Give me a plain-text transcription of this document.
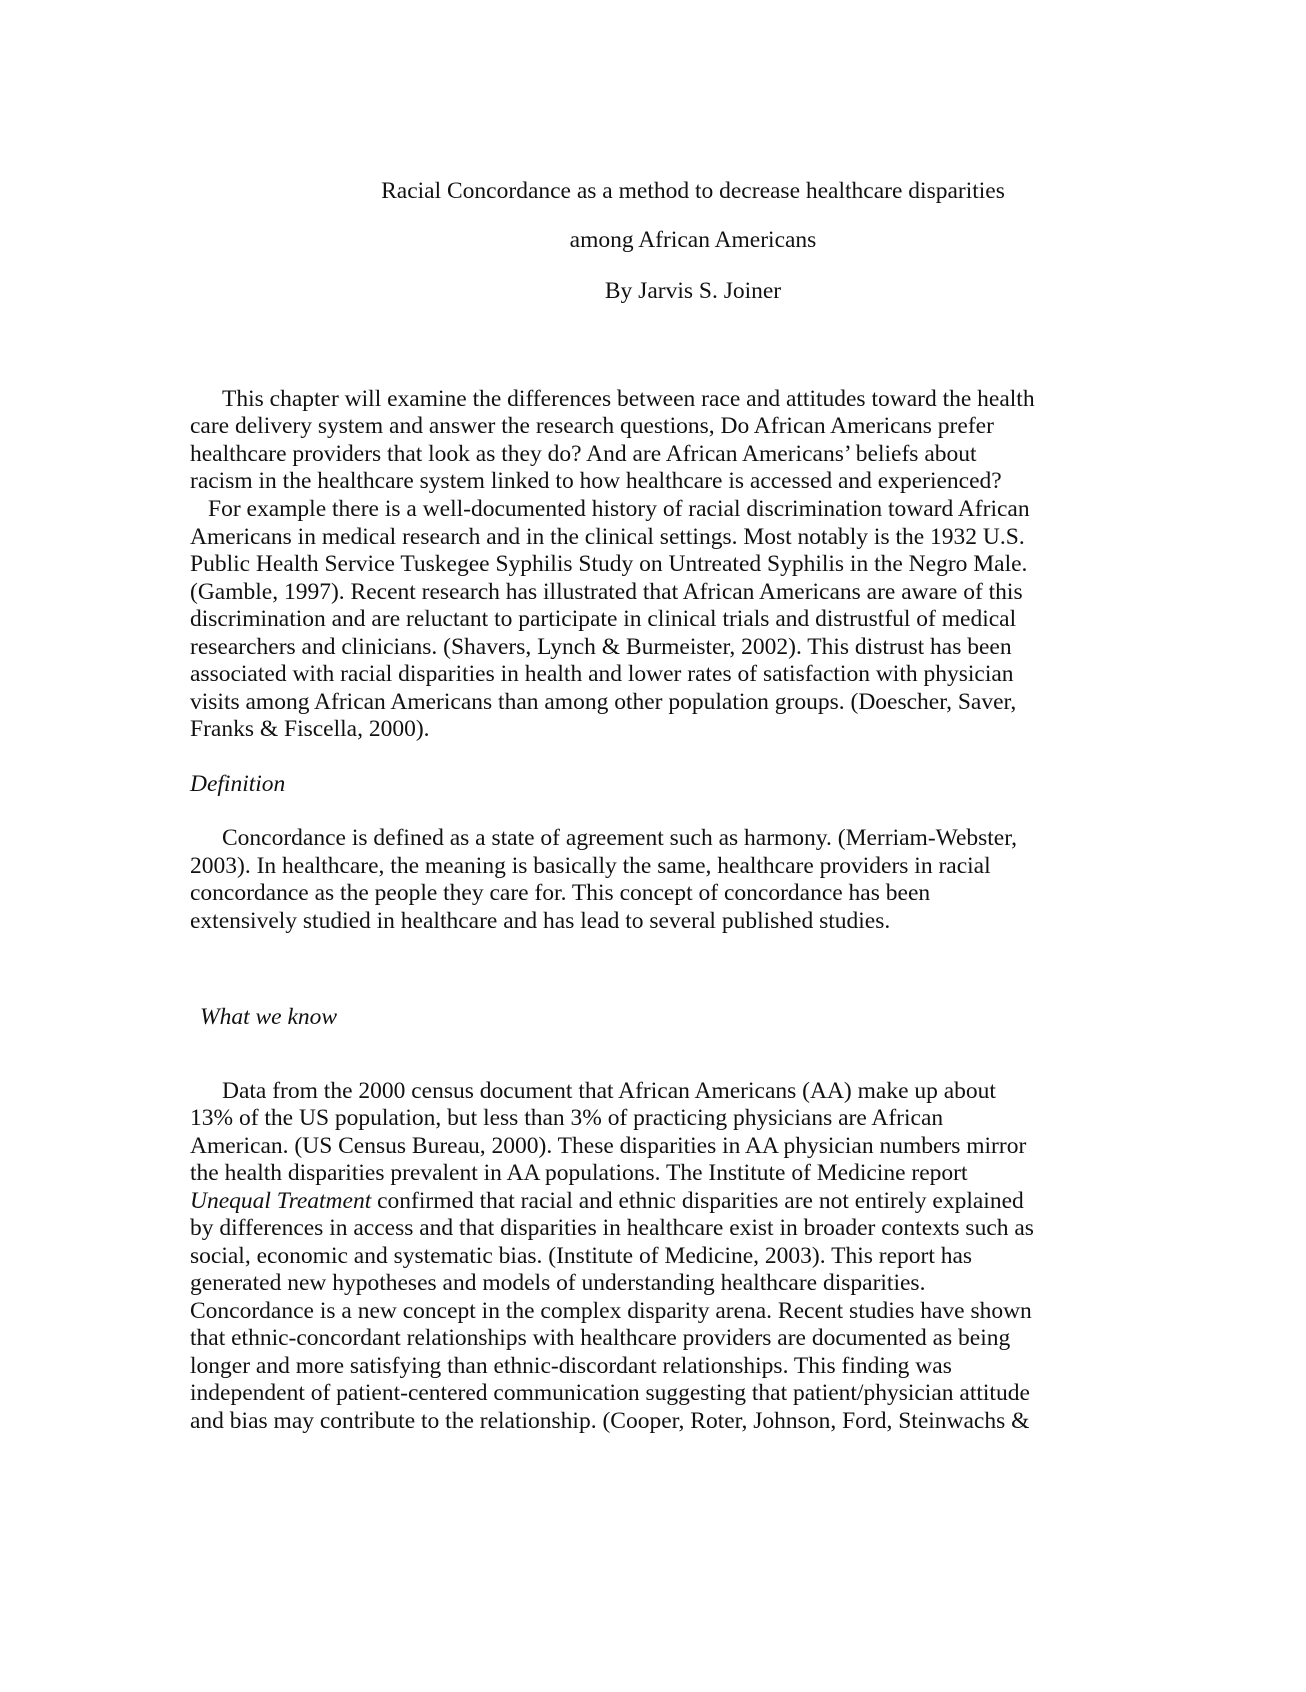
Racial Concordance as a method to decrease healthcare disparities
among African Americans
By Jarvis S. Joiner
This chapter will examine the differences between race and attitudes toward the health
care delivery system and answer the research questions, Do African Americans prefer
healthcare providers that look as they do? And are African Americans’ beliefs about
racism in the healthcare system linked to how healthcare is accessed and experienced?
For example there is a well-documented history of racial discrimination toward African
Americans in medical research and in the clinical settings. Most notably is the 1932 U.S.
Public Health Service Tuskegee Syphilis Study on Untreated Syphilis in the Negro Male.
(Gamble, 1997). Recent research has illustrated that African Americans are aware of this
discrimination and are reluctant to participate in clinical trials and distrustful of medical
researchers and clinicians. (Shavers, Lynch & Burmeister, 2002). This distrust has been
associated with racial disparities in health and lower rates of satisfaction with physician
visits among African Americans than among other population groups. (Doescher, Saver,
Franks & Fiscella, 2000).
Definition
Concordance is defined as a state of agreement such as harmony. (Merriam-Webster,
2003). In healthcare, the meaning is basically the same, healthcare providers in racial
concordance as the people they care for. This concept of concordance has been
extensively studied in healthcare and has lead to several published studies.
What we know
Data from the 2000 census document that African Americans (AA) make up about
13% of the US population, but less than 3% of practicing physicians are African
American. (US Census Bureau, 2000). These disparities in AA physician numbers mirror
the health disparities prevalent in AA populations. The Institute of Medicine report
Unequal Treatment confirmed that racial and ethnic disparities are not entirely explained
by differences in access and that disparities in healthcare exist in broader contexts such as
social, economic and systematic bias. (Institute of Medicine, 2003). This report has
generated new hypotheses and models of understanding healthcare disparities.
Concordance is a new concept in the complex disparity arena. Recent studies have shown
that ethnic-concordant relationships with healthcare providers are documented as being
longer and more satisfying than ethnic-discordant relationships. This finding was
independent of patient-centered communication suggesting that patient/physician attitude
and bias may contribute to the relationship. (Cooper, Roter, Johnson, Ford, Steinwachs &
